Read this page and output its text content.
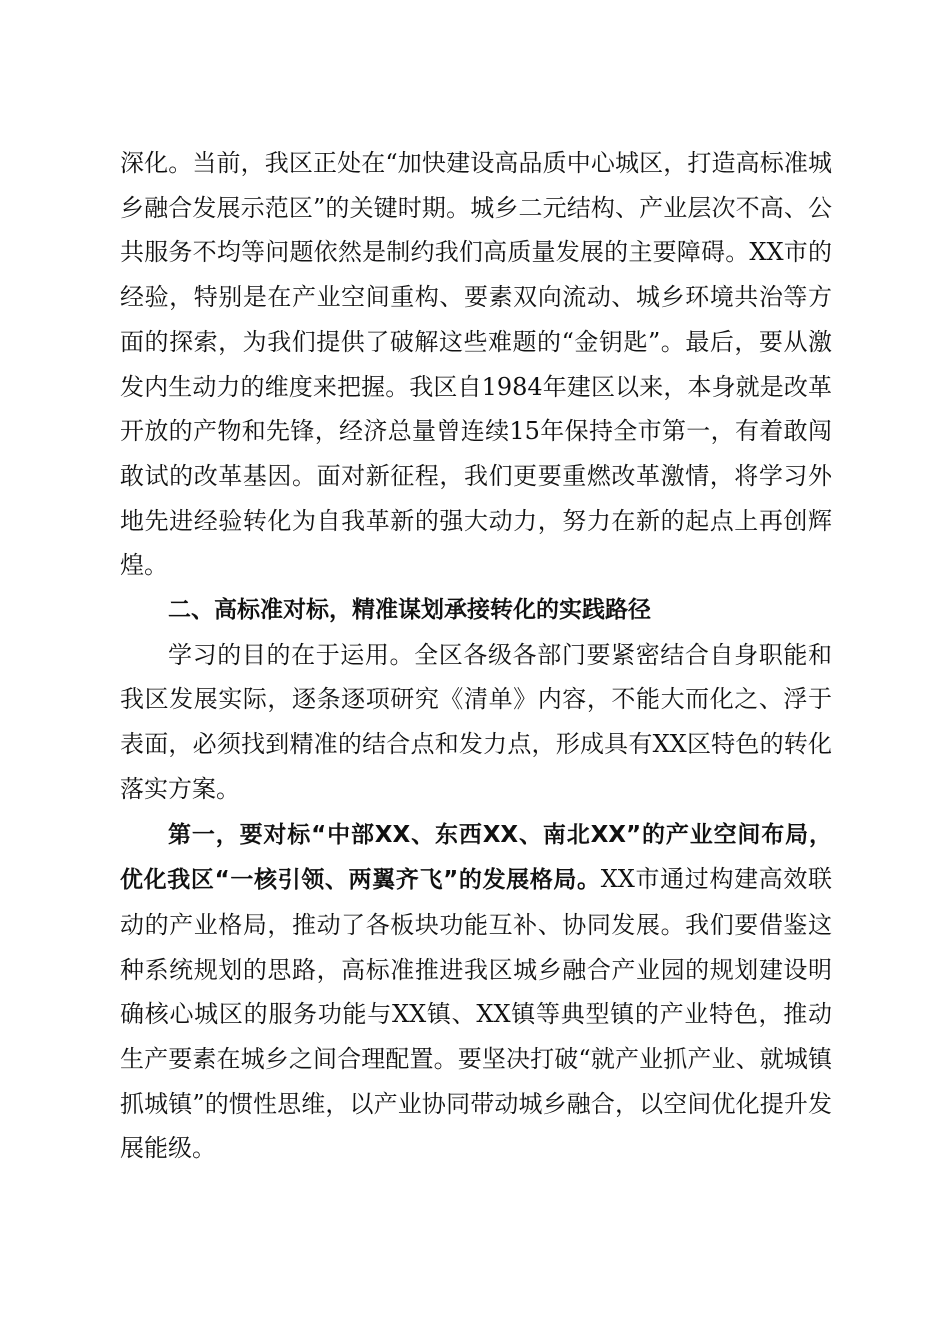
深化。当前，我区正处在“加快建设高品质中心城区，打造高标准城乡融合发展示范区”的关键时期。城乡二元结构、产业层次不高、公共服务不均等问题依然是制约我们高质量发展的主要障碍。XX市的经验，特别是在产业空间重构、要素双向流动、城乡环境共治等方面的探索，为我们提供了破解这些难题的“金钥匙”。最后，要从激发内生动力的维度来把握。我区自1984年建区以来，本身就是改革开放的产物和先锋，经济总量曾连续15年保持全市第一，有着敢闯敢试的改革基因。面对新征程，我们更要重燃改革激情，将学习外地先进经验转化为自我革新的强大动力，努力在新的起点上再创辉煌。

二、高标准对标，精准谋划承接转化的实践路径

学习的目的在于运用。全区各级各部门要紧密结合自身职能和我区发展实际，逐条逐项研究《清单》内容，不能大而化之、浮于表面，必须找到精准的结合点和发力点，形成具有XX区特色的转化落实方案。

第一，要对标“中部XX、东西XX、南北XX”的产业空间布局，优化我区“一核引领、两翼齐飞”的发展格局。XX市通过构建高效联动的产业格局，推动了各板块功能互补、协同发展。我们要借鉴这种系统规划的思路，高标准推进我区城乡融合产业园的规划建设明确核心城区的服务功能与XX镇、XX镇等典型镇的产业特色，推动生产要素在城乡之间合理配置。要坚决打破“就产业抓产业、就城镇抓城镇”的惯性思维，以产业协同带动城乡融合，以空间优化提升发展能级。
